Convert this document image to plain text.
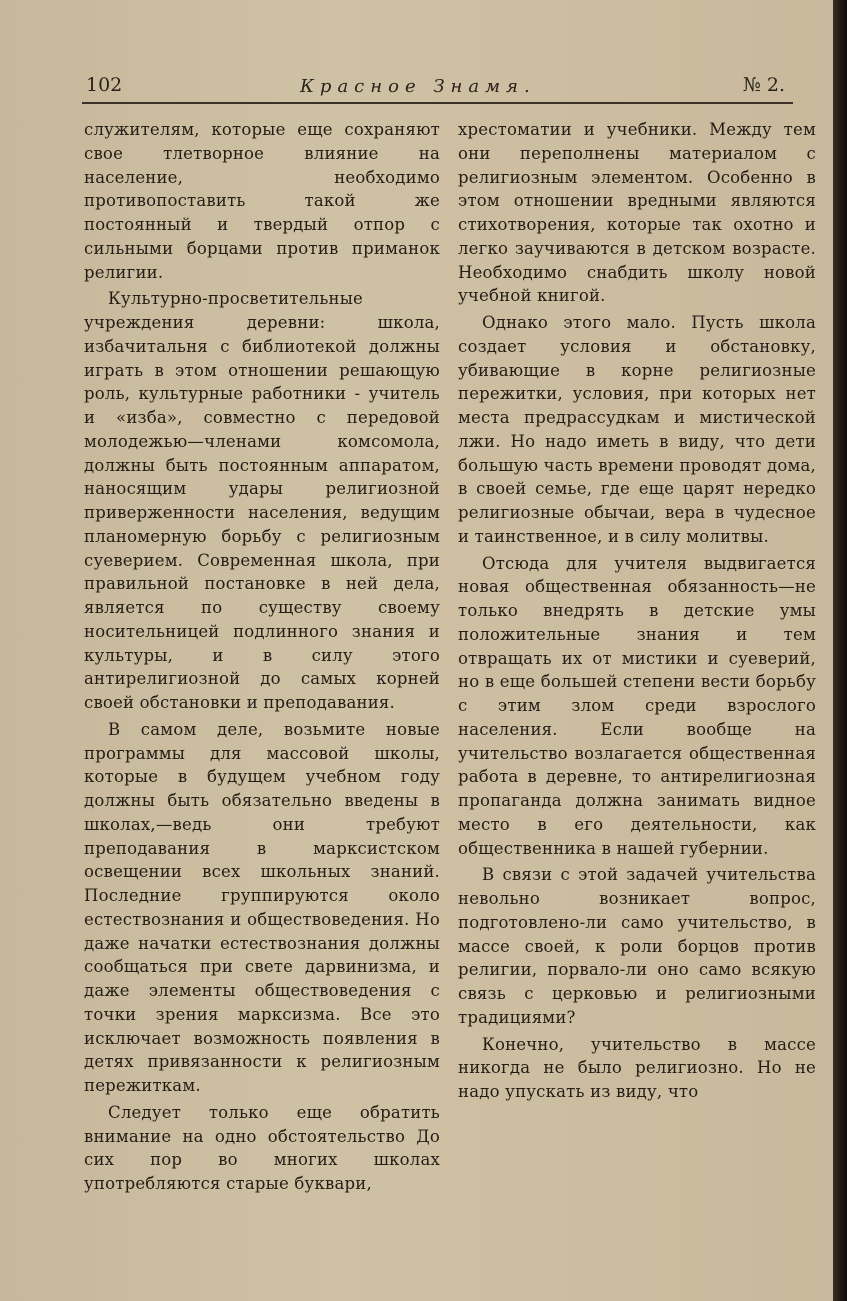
102	Красное Знамя.	№ 2.

служителям, которые еще сохраняют свое тлетворное влияние на население, необходимо противопоставить такой же постоянный и твердый отпор с сильными борцами против приманок религии.

Культурно-просветительные учреждения деревни: школа, избачитальня с библиотекой должны играть в этом отношении решающую роль, культурные работники - учитель и «изба», совместно с передовой молодежью—членами комсомола, должны быть постоянным аппаратом, наносящим удары религиозной приверженности населения, ведущим планомерную борьбу с религиозным суеверием. Современная школа, при правильной постановке в ней дела, является по существу своему носительницей подлинного знания и культуры, и в силу этого антирелигиозной до самых корней своей обстановки и преподавания.

В самом деле, возьмите новые программы для массовой школы, которые в будущем учебном году должны быть обязательно введены в школах,—ведь они требуют преподавания в марксистском освещении всех школьных знаний. Последние группируются около естествознания и обществоведения. Но даже начатки естествознания должны сообщаться при свете дарвинизма, и даже элементы обществоведения с точки зрения марксизма. Все это исключает возможность появления в детях привязанности к религиозным пережиткам.

Следует только еще обратить внимание на одно обстоятельство До сих пор во многих школах употребляются старые буквари,

хрестоматии и учебники. Между тем они переполнены материалом с религиозным элементом. Особенно в этом отношении вредными являются стихотворения, которые так охотно и легко заучиваются в детском возрасте. Необходимо снабдить школу новой учебной книгой.

Однако этого мало. Пусть школа создает условия и обстановку, убивающие в корне религиозные пережитки, условия, при которых нет места предрассудкам и мистической лжи. Но надо иметь в виду, что дети большую часть времени проводят дома, в своей семье, где еще царят нередко религиозные обычаи, вера в чудесное и таинственное, и в силу молитвы.

Отсюда для учителя выдвигается новая общественная обязанность—не только внедрять в детские умы положительные знания и тем отвращать их от мистики и суеверий, но в еще большей степени вести борьбу с этим злом среди взрослого населения. Если вообще на учительство возлагается общественная работа в деревне, то антирелигиозная пропаганда должна занимать видное место в его деятельности, как общественника в нашей губернии.

В связи с этой задачей учительства невольно возникает вопрос, подготовлено-ли само учительство, в массе своей, к роли борцов против религии, порвало-ли оно само всякую связь с церковью и религиозными традициями?

Конечно, учительство в массе никогда не было религиозно. Но не надо упускать из виду, что
